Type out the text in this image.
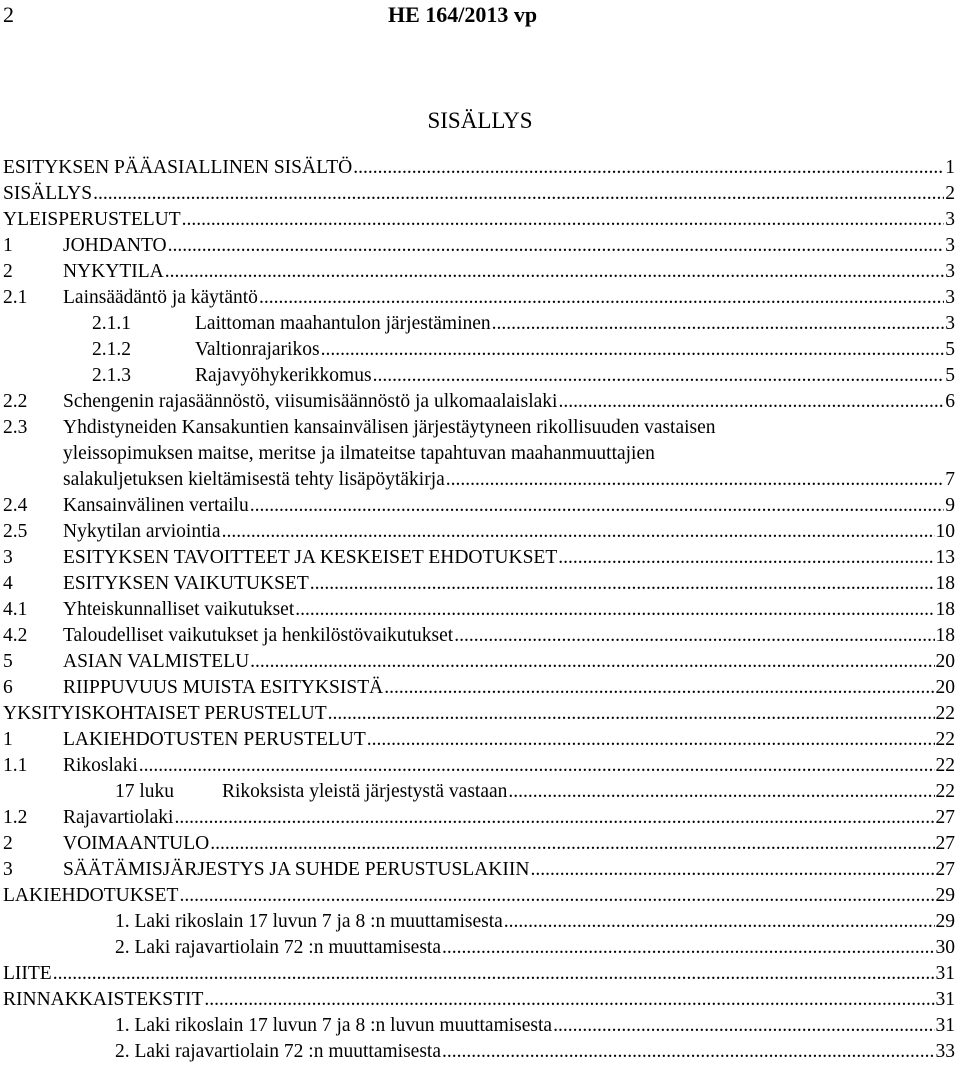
2	HE 164/2013 vp
SISÄLLYS
ESITYKSEN PÄÄASIALLINEN SISÄLTÖ .....	1
SISÄLLYS .....	2
YLEISPERUSTELUT .....	3
1	JOHDANTO .....	3
2	NYKYTILA .....	3
2.1 Lainsäädäntö ja käytäntö .....	3
2.1.1	Laittoman maahantulon järjestäminen .....	3
2.1.2	Valtionrajarikos .....	5
2.1.3	Rajavyöhykerikkomus .....	5
2.2 Schengenin rajasäännöstö, viisumisäännöstö ja ulkomaalaislaki .....	6
2.3 Yhdistyneiden Kansakuntien kansainvälisen järjestäytyneen rikollisuuden vastaisen
yleissopimuksen maitse, meritse ja ilmateitse tapahtuvan maahanmuuttajien
salakuljetuksen kieltämisestä tehty lisäpöytäkirja .....	7
2.4 Kansainvälinen vertailu .....	9
2.5 Nykytilan arviointia .....	10
3	ESITYKSEN TAVOITTEET JA KESKEISET EHDOTUKSET .....	13
4	ESITYKSEN VAIKUTUKSET .....	18
4.1 Yhteiskunnalliset vaikutukset .....	18
4.2 Taloudelliset vaikutukset ja henkilöstövaikutukset .....	18
5	ASIAN VALMISTELU .....	20
6	RIIPPUVUUS MUISTA ESITYKSISTÄ .....	20
YKSITYISKOHTAISET PERUSTELUT .....	22
1	LAKIEHDOTUSTEN PERUSTELUT .....	22
1.1 Rikoslaki .....	22
17 luku Rikoksista yleistä järjestystä vastaan .....	22
1.2 Rajavartiolaki .....	27
2	VOIMAANTULO .....	27
3	SÄÄTÄMISJÄRJESTYS JA SUHDE PERUSTUSLAKIIN .....	27
LAKIEHDOTUKSET .....	29
1. Laki rikoslain 17 luvun 7 ja 8 :n muuttamisesta .....	29
2. Laki rajavartiolain 72 :n muuttamisesta .....	30
LIITE .....	31
RINNAKKAISTEKSTIT .....	31
1. Laki rikoslain 17 luvun 7 ja 8 :n luvun muuttamisesta .....	31
2. Laki rajavartiolain 72 :n muuttamisesta .....	33
